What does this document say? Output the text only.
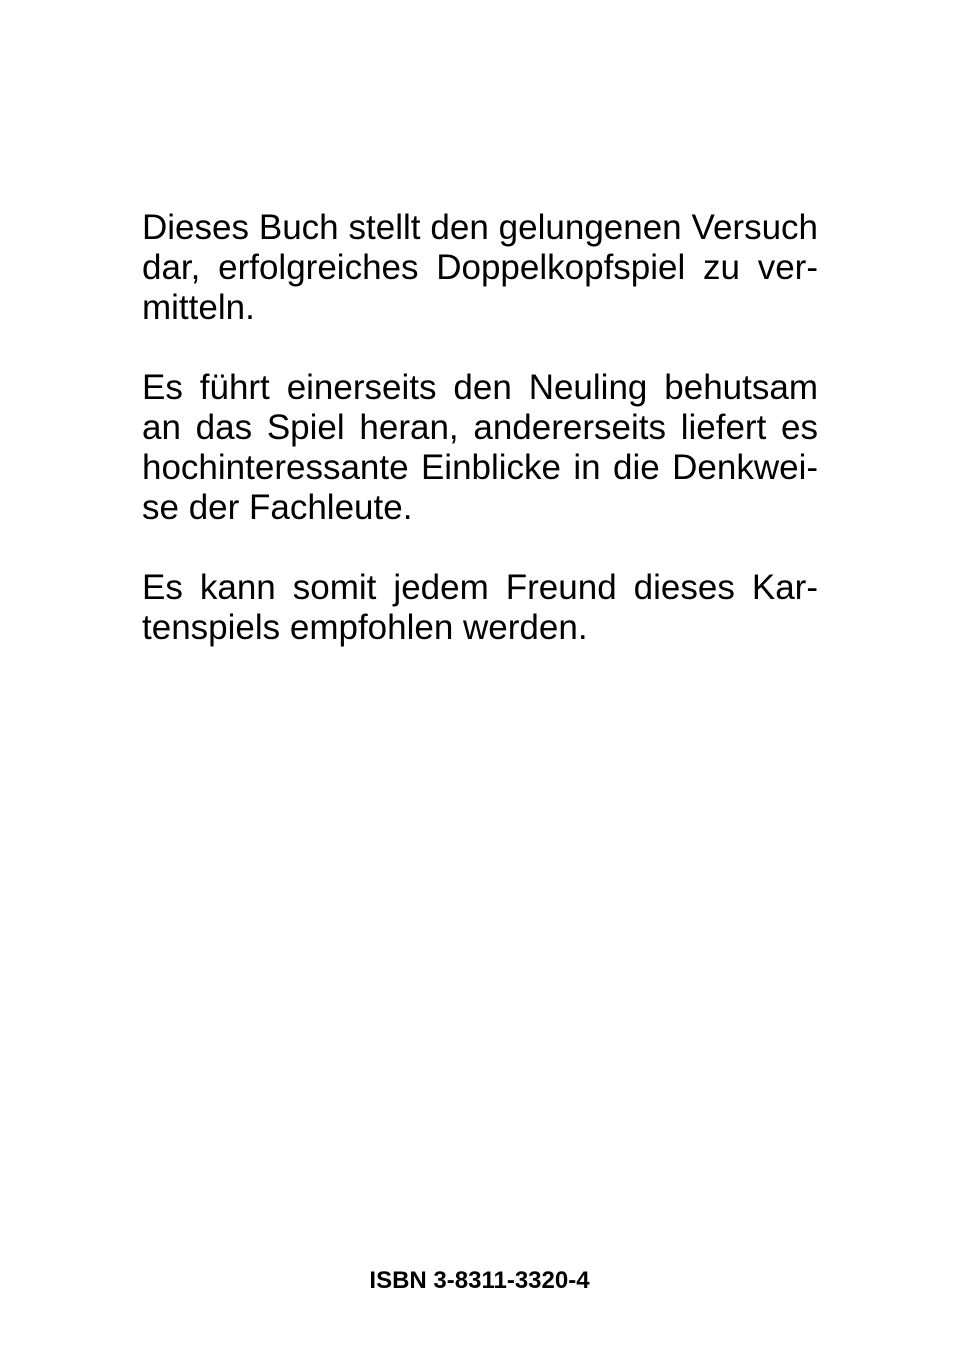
Dieses Buch stellt den gelungenen Versuch
dar, erfolgreiches Doppelkopfspiel zu ver-
mitteln.
Es führt einerseits den Neuling behutsam
an das Spiel heran, andererseits liefert es
hochinteressante Einblicke in die Denkwei-
se der Fachleute.
Es kann somit jedem Freund dieses Kar-
tenspiels empfohlen werden.
ISBN 3-8311-3320-4
